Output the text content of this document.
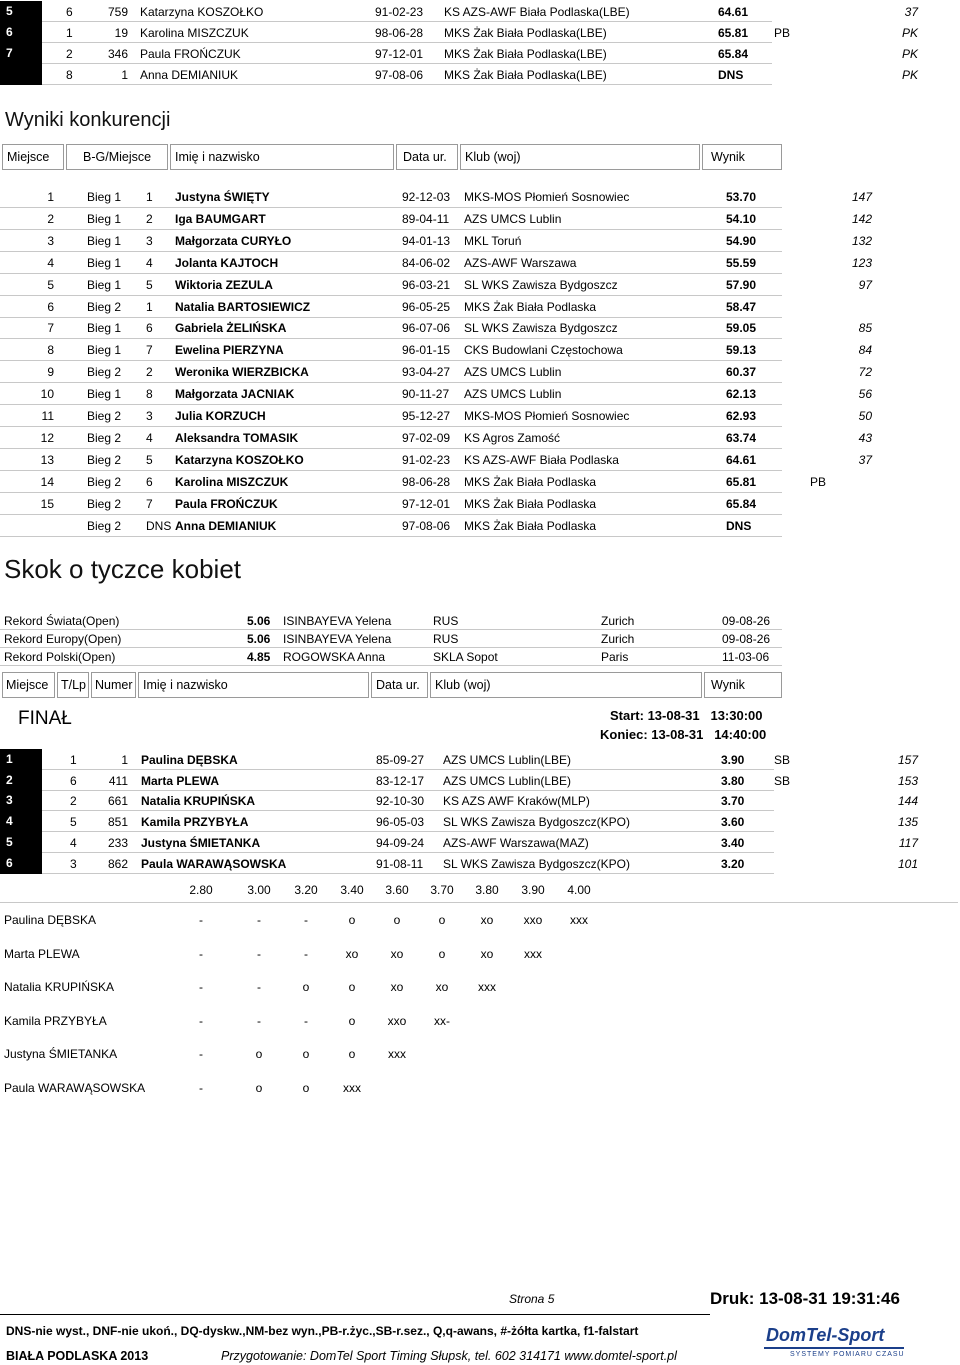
5	6	759 Katarzyna KOSZOŁKO	91-02-23 KS AZS-AWF Biała Podlaska(LBE)	64.61	37
6	1	19 Karolina MISZCZUK	98-06-28 MKS Żak Biała Podlaska(LBE)	65.81 PB	PK
7	2	346 Paula FROŃCZUK	97-12-01 MKS Żak Biała Podlaska(LBE)	65.84	PK
8	1 Anna DEMIANIUK	97-08-06 MKS Żak Biała Podlaska(LBE)	DNS	PK
Wyniki konkurencji
Miejsce	B-G/Miejsce	Imię i nazwisko	Data ur.	Klub (woj)	Wynik
1	Bieg 1 1 Justyna ŚWIĘTY	92-12-03 MKS-MOS Płomień Sosnowiec	53.70	147
2	Bieg 1 2 Iga BAUMGART	89-04-11 AZS UMCS Lublin	54.10	142
3	Bieg 1 3 Małgorzata CURYŁO	94-01-13 MKL Toruń	54.90	132
4	Bieg 1 4 Jolanta KAJTOCH	84-06-02 AZS-AWF Warszawa	55.59	123
5	Bieg 1 5 Wiktoria ZEZULA	96-03-21 SL WKS Zawisza Bydgoszcz	57.90	97
6	Bieg 2 1 Natalia BARTOSIEWICZ	96-05-25 MKS Żak Biała Podlaska	58.47
7	Bieg 1 6 Gabriela ŻELIŃSKA	96-07-06 SL WKS Zawisza Bydgoszcz	59.05	85
8	Bieg 1 7 Ewelina PIERZYNA	96-01-15 CKS Budowlani Częstochowa	59.13	84
9	Bieg 2 2 Weronika WIERZBICKA	93-04-27 AZS UMCS Lublin	60.37	72
10	Bieg 1 8 Małgorzata JACNIAK	90-11-27 AZS UMCS Lublin	62.13	56
11	Bieg 2 3 Julia KORZUCH	95-12-27 MKS-MOS Płomień Sosnowiec	62.93	50
12	Bieg 2 4 Aleksandra TOMASIK	97-02-09 KS Agros Zamość	63.74	43
13	Bieg 2 5 Katarzyna KOSZOŁKO	91-02-23 KS AZS-AWF Biała Podlaska	64.61	37
14	Bieg 2 6 Karolina MISZCZUK	98-06-28 MKS Żak Biała Podlaska	65.81	PB
15	Bieg 2 7 Paula FROŃCZUK	97-12-01 MKS Żak Biała Podlaska	65.84
Bieg 2 DNS Anna DEMIANIUK	97-08-06 MKS Żak Biała Podlaska	DNS
Skok o tyczce kobiet
Rekord Świata(Open)	5.06 ISINBAYEVA Yelena	RUS	Zurich	09-08-26
Rekord Europy(Open)	5.06 ISINBAYEVA Yelena	RUS	Zurich	09-08-26
Rekord Polski(Open)	4.85 ROGOWSKA Anna	SKLA Sopot	Paris	11-03-06
Miejsce	T/Lp Numer Imię i nazwisko	Data ur.	Klub (woj)	Wynik
FINAŁ	Start: 13-08-31 13:30:00
Koniec: 13-08-31 14:40:00
1	1	1 Paulina DĘBSKA	85-09-27 AZS UMCS Lublin(LBE)	3.90 SB	157
2	6	411 Marta PLEWA	83-12-17 AZS UMCS Lublin(LBE)	3.80 SB	153
3	2	661 Natalia KRUPIŃSKA	92-10-30 KS AZS AWF Kraków(MLP)	3.70	144
4	5	851 Kamila PRZYBYŁA	96-05-03 SL WKS Zawisza Bydgoszcz(KPO)	3.60	135
5	4	233 Justyna ŚMIETANKA	94-09-24 AZS-AWF Warszawa(MAZ)	3.40	117
6	3	862 Paula WARAWĄSOWSKA	91-08-11 SL WKS Zawisza Bydgoszcz(KPO)	3.20	101
2.80	3.00	3.20	3.40	3.60	3.70	3.80	3.90	4.00
Paulina DĘBSKA	-	-	-	o	o	o	xo	xxo	xxx
Marta PLEWA	-	-	-	xo	xo	o	xo	xxx
Natalia KRUPIŃSKA	-	-	o	o	xo	xo	xxx
Kamila PRZYBYŁA	-	-	-	o	xxo	xx-
Justyna ŚMIETANKA	-	o	o	o	xxx
Paula WARAWĄSOWSKA	-	o	o	xxx
Strona 5	Druk: 13-08-31 19:31:46
DNS-nie wyst., DNF-nie ukoń., DQ-dyskw.,NM-bez wyn.,PB-r.życ.,SB-r.sez., Q,q-awans, #-żółta kartka, f1-falstart
BIAŁA PODLASKA 2013	Przygotowanie: DomTel Sport Timing Słupsk, tel. 602 314171 www.domtel-sport.pl
DomTel-Sport
SYSTEMY POMIARU CZASU
